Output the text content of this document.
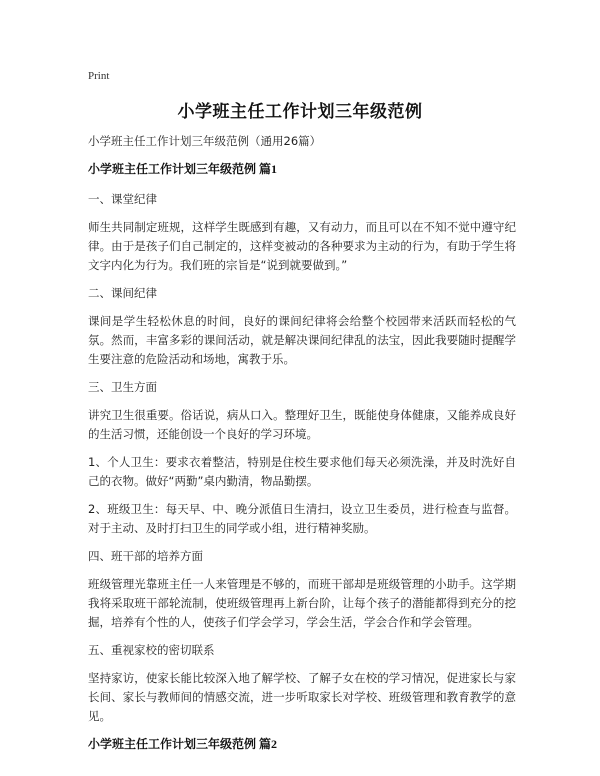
Print
小学班主任工作计划三年级范例
小学班主任工作计划三年级范例（通用26篇）
小学班主任工作计划三年级范例 篇1
一、课堂纪律
师生共同制定班规，这样学生既感到有趣，又有动力，而且可以在不知不觉中遵守纪律。由于是孩子们自己制定的，这样变被动的各种要求为主动的行为，有助于学生将文字内化为行为。我们班的宗旨是“说到就要做到。”
二、课间纪律
课间是学生轻松休息的时间，良好的课间纪律将会给整个校园带来活跃而轻松的气氛。然而，丰富多彩的课间活动，就是解决课间纪律乱的法宝，因此我要随时提醒学生要注意的危险活动和场地，寓教于乐。
三、卫生方面
讲究卫生很重要。俗话说，病从口入。整理好卫生，既能使身体健康，又能养成良好的生活习惯，还能创设一个良好的学习环境。
1、个人卫生：要求衣着整洁，特别是住校生要求他们每天必须洗澡，并及时洗好自己的衣物。做好“两勤”桌内勤清，物品勤摆。
2、班级卫生：每天早、中、晚分派值日生清扫，设立卫生委员，进行检查与监督。对于主动、及时打扫卫生的同学或小组，进行精神奖励。
四、班干部的培养方面
班级管理光靠班主任一人来管理是不够的，而班干部却是班级管理的小助手。这学期我将采取班干部轮流制，使班级管理再上新台阶，让每个孩子的潜能都得到充分的挖掘，培养有个性的人，使孩子们学会学习，学会生活，学会合作和学会管理。
五、重视家校的密切联系
坚持家访，使家长能比较深入地了解学校、了解子女在校的学习情况，促进家长与家长间、家长与教师间的情感交流，进一步听取家长对学校、班级管理和教育教学的意见。
小学班主任工作计划三年级范例 篇2
